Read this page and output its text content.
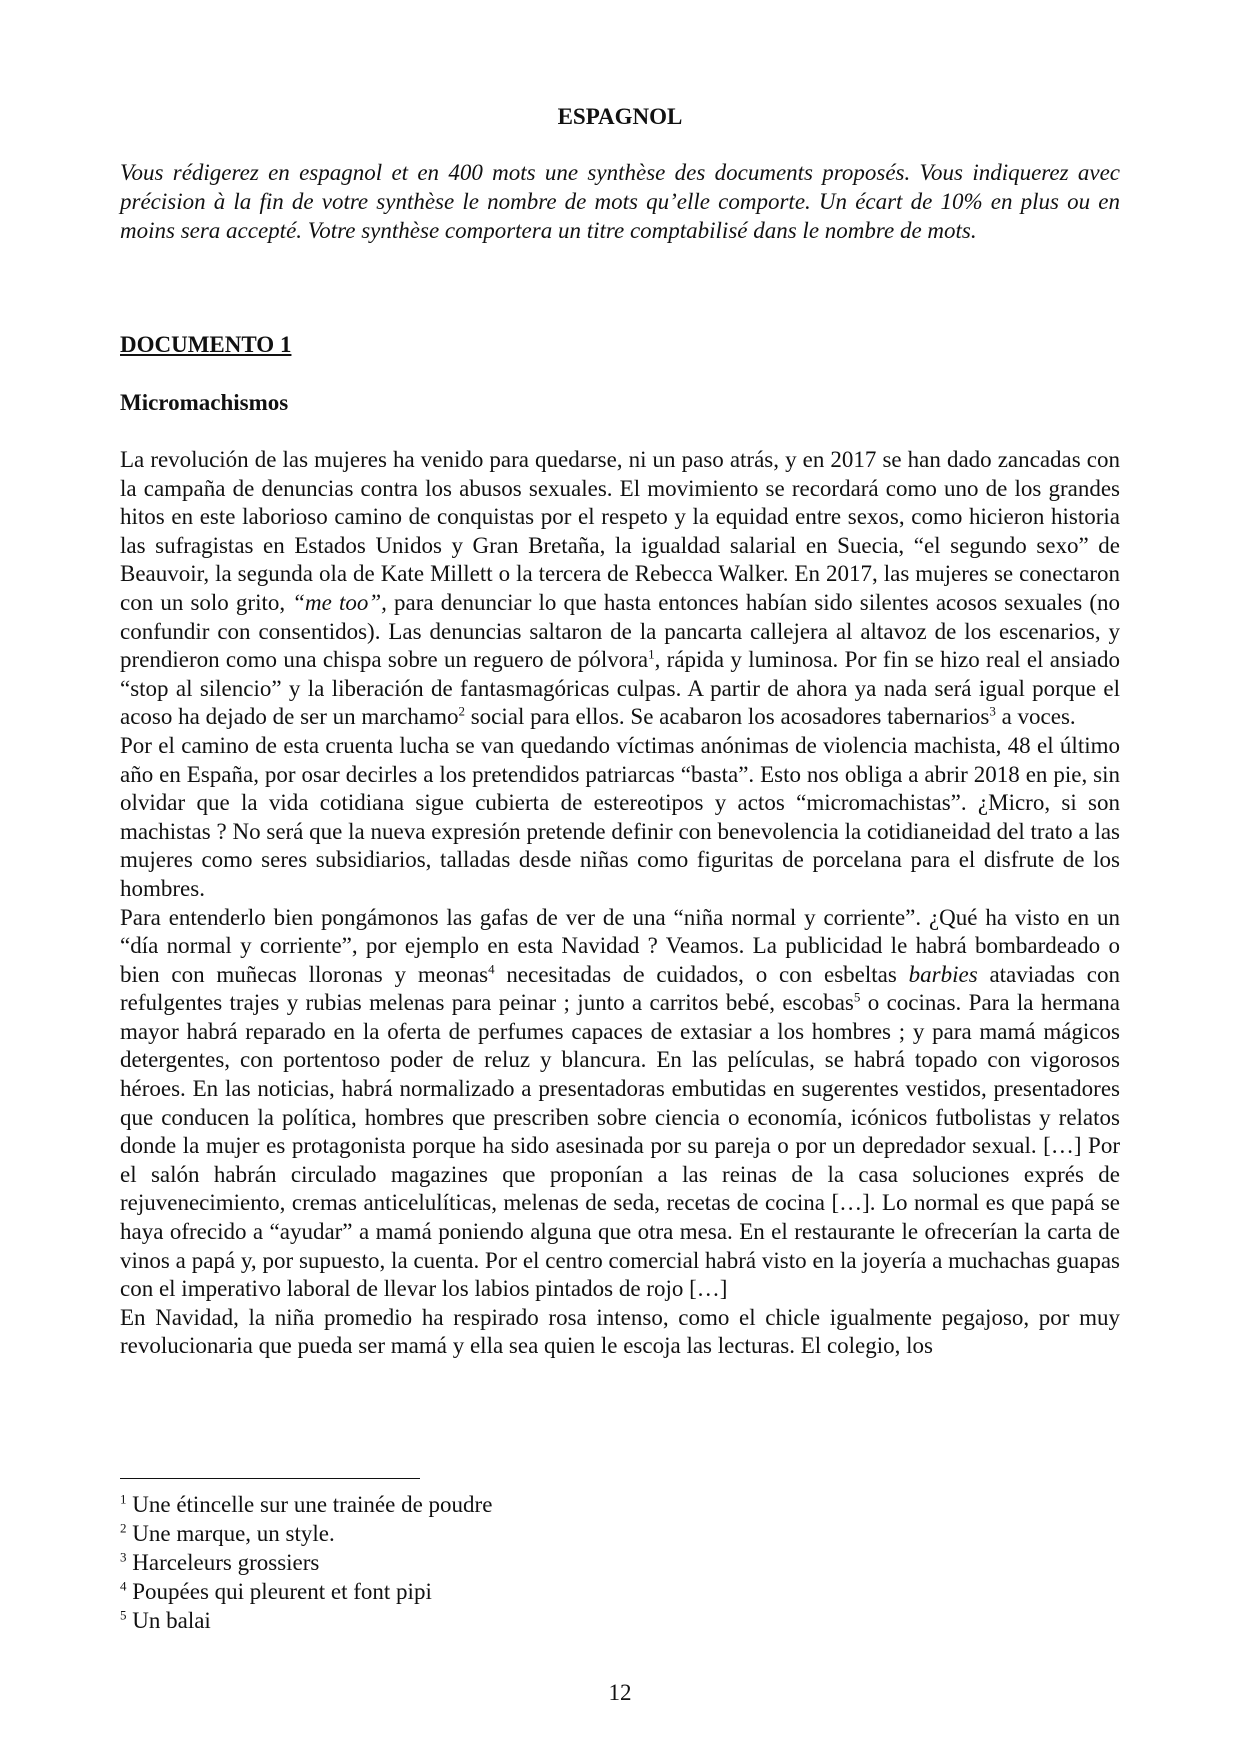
ESPAGNOL

Vous rédigerez en espagnol et en 400 mots une synthèse des documents proposés. Vous indiquerez avec précision à la fin de votre synthèse le nombre de mots qu’elle comporte. Un écart de 10% en plus ou en moins sera accepté. Votre synthèse comportera un titre comptabilisé dans le nombre de mots.

DOCUMENTO 1
Micromachismos

La revolución de las mujeres ha venido para quedarse, ni un paso atrás, y en 2017 se han dado zancadas con la campaña de denuncias contra los abusos sexuales. El movimiento se recordará como uno de los grandes hitos en este laborioso camino de conquistas por el respeto y la equidad entre sexos, como hicieron historia las sufragistas en Estados Unidos y Gran Bretaña, la igualdad salarial en Suecia, “el segundo sexo” de Beauvoir, la segunda ola de Kate Millett o la tercera de Rebecca Walker. En 2017, las mujeres se conectaron con un solo grito, “me too”, para denunciar lo que hasta entonces habían sido silentes acosos sexuales (no confundir con consentidos). Las denuncias saltaron de la pancarta callejera al altavoz de los escenarios, y prendieron como una chispa sobre un reguero de pólvora$^1$, rápida y luminosa. Por fin se hizo real el ansiado “stop al silencio” y la liberación de fantasmagóricas culpas. A partir de ahora ya nada será igual porque el acoso ha dejado de ser un marchamo$^2$ social para ellos. Se acabaron los acosadores tabernarios$^3$ a voces.

Por el camino de esta cruenta lucha se van quedando víctimas anónimas de violencia machista, 48 el último año en España, por osar decirles a los pretendidos patriarcas “basta”. Esto nos obliga a abrir 2018 en pie, sin olvidar que la vida cotidiana sigue cubierta de estereotipos y actos “micromachistas”. ¿Micro, si son machistas ? No será que la nueva expresión pretende definir con benevolencia la cotidianeidad del trato a las mujeres como seres subsidiarios, talladas desde niñas como figuritas de porcelana para el disfrute de los hombres.

Para entenderlo bien pongámonos las gafas de ver de una “niña normal y corriente”. ¿Qué ha visto en un “día normal y corriente”, por ejemplo en esta Navidad ? Veamos. La publicidad le habrá bombardeado o bien con muñecas lloronas y meonas$^4$ necesitadas de cuidados, o con esbeltas barbies ataviadas con refulgentes trajes y rubias melenas para peinar ; junto a carritos bebé, escobas$^5$ o cocinas. Para la hermana mayor habrá reparado en la oferta de perfumes capaces de extasiar a los hombres ; y para mamá mágicos detergentes, con portentoso poder de reluz y blancura. En las películas, se habrá topado con vigorosos héroes. En las noticias, habrá normalizado a presentadoras embutidas en sugerentes vestidos, presentadores que conducen la política, hombres que prescriben sobre ciencia o economía, icónicos futbolistas y relatos donde la mujer es protagonista porque ha sido asesinada por su pareja o por un depredador sexual. […] Por el salón habrán circulado magazines que proponían a las reinas de la casa soluciones exprés de rejuvenecimiento, cremas anticelulíticas, melenas de seda, recetas de cocina […]. Lo normal es que papá se haya ofrecido a “ayudar” a mamá poniendo alguna que otra mesa. En el restaurante le ofrecerían la carta de vinos a papá y, por supuesto, la cuenta. Por el centro comercial habrá visto en la joyería a muchachas guapas con el imperativo laboral de llevar los labios pintados de rojo […]

En Navidad, la niña promedio ha respirado rosa intenso, como el chicle igualmente pegajoso, por muy revolucionaria que pueda ser mamá y ella sea quien le escoja las lecturas. El colegio, los

$^1$ Une étincelle sur une trainée de poudre
$^2$ Une marque, un style.
$^3$ Harceleurs grossiers
$^4$ Poupées qui pleurent et font pipi
$^5$ Un balai
12
